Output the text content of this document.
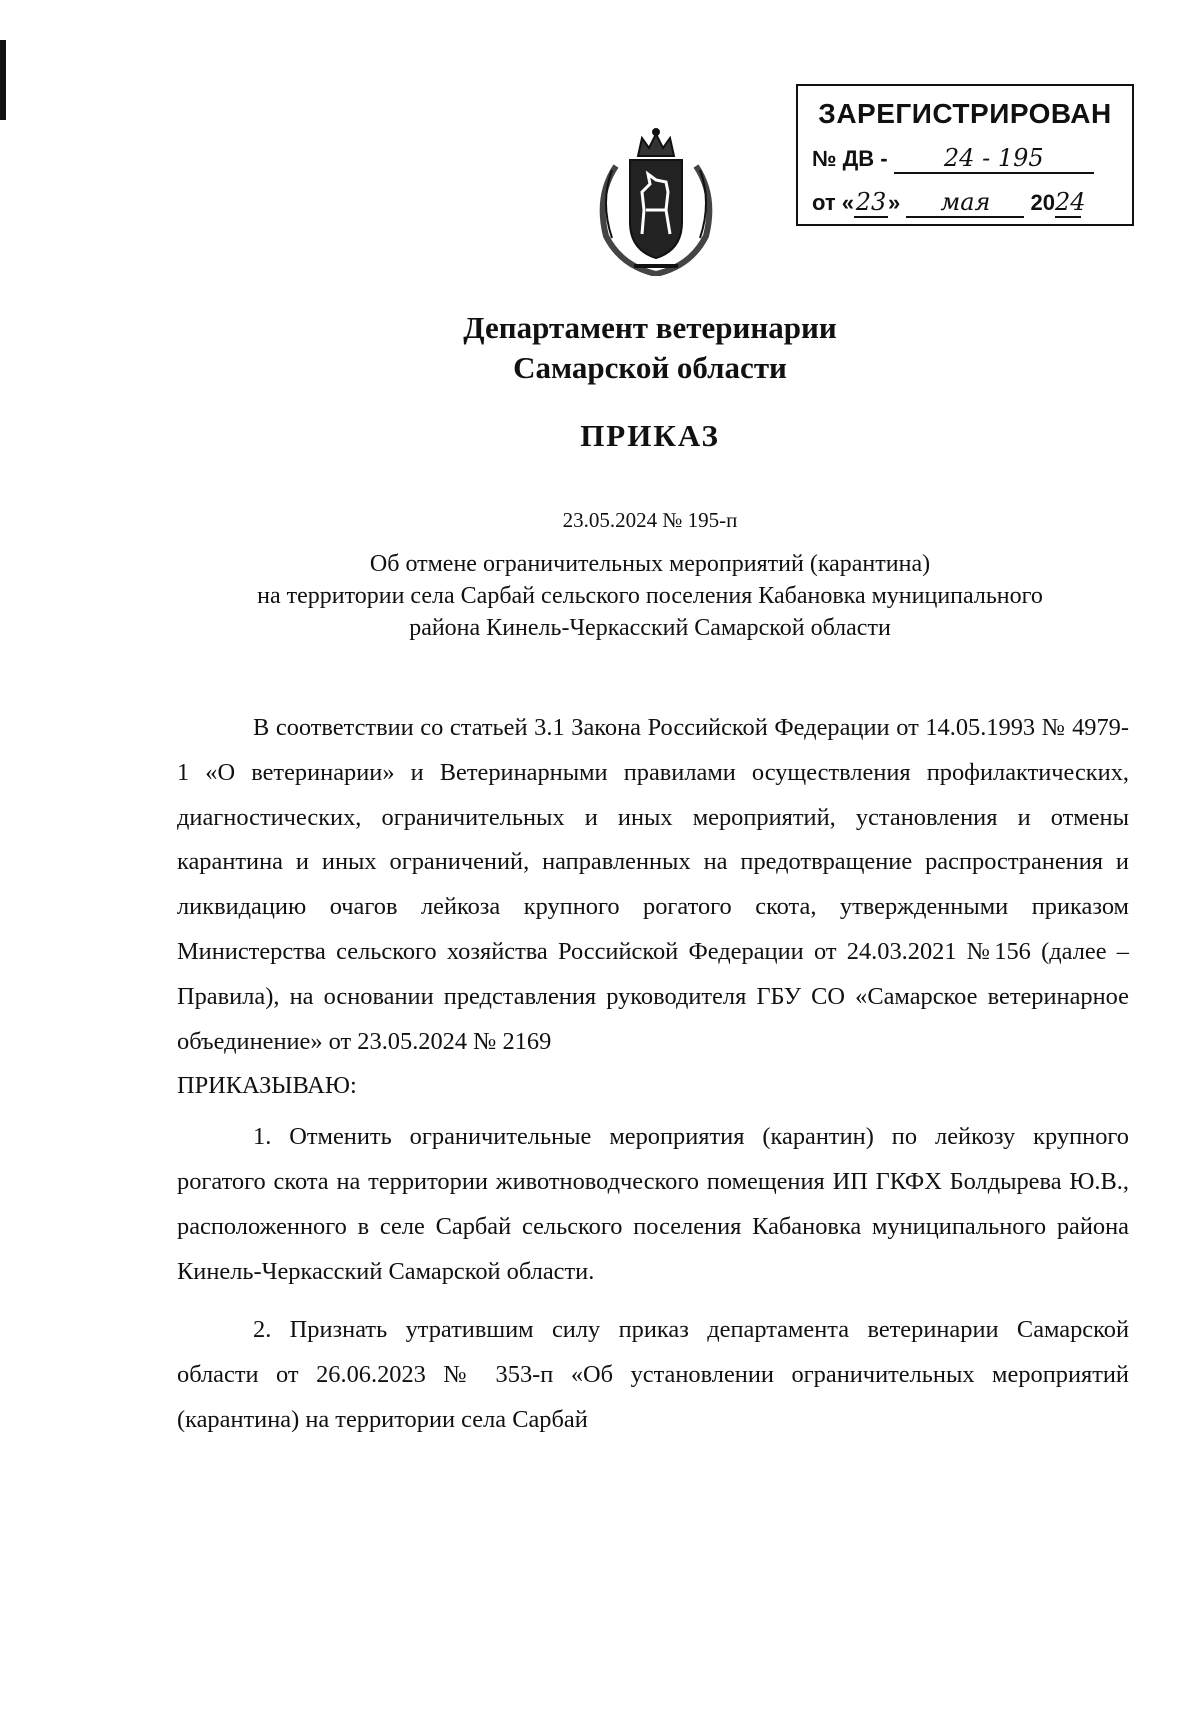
ЗАРЕГИСТРИРОВАН
№ ДВ - 24 - 195
от «23» мая 2024
Департамент ветеринарии
Самарской области
ПРИКАЗ
23.05.2024 № 195-п
Об отмене ограничительных мероприятий (карантина)
на территории села Сарбай сельского поселения Кабановка муниципального
района Кинель-Черкасский Самарской области

В соответствии со статьей 3.1 Закона Российской Федерации от 14.05.1993 № 4979-1 «О ветеринарии» и Ветеринарными правилами осуществления профилактических, диагностических, ограничительных и иных мероприятий, установления и отмены карантина и иных ограничений, направленных на предотвращение распространения и ликвидацию очагов лейкоза крупного рогатого скота, утвержденными приказом Министерства сельского хозяйства Российской Федерации от 24.03.2021 №156 (далее – Правила), на основании представления руководителя ГБУ СО «Самарское ветеринарное объединение» от 23.05.2024 № 2169

ПРИКАЗЫВАЮ:

1. Отменить ограничительные мероприятия (карантин) по лейкозу крупного рогатого скота на территории животноводческого помещения ИП ГКФХ Болдырева Ю.В., расположенного в селе Сарбай сельского поселения Кабановка муниципального района Кинель-Черкасский Самарской области.

2. Признать утратившим силу приказ департамента ветеринарии Самарской области от 26.06.2023 № 353-п «Об установлении ограничительных мероприятий (карантина) на территории села Сарбай
